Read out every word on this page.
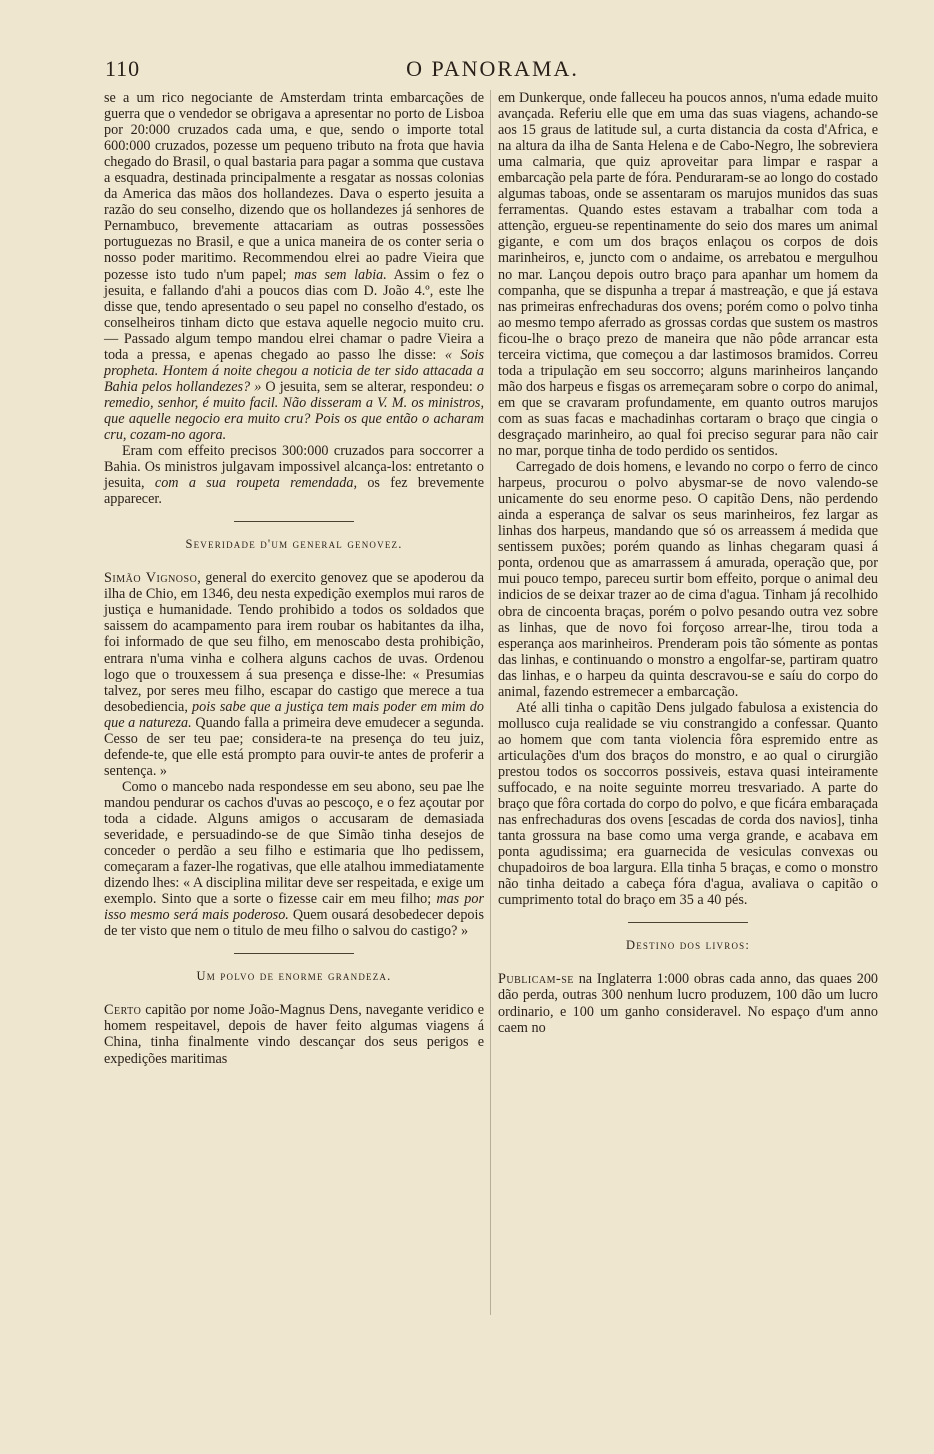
110	O PANORAMA.

se a um rico negociante de Amsterdam trinta embarcações de guerra que o vendedor se obrigava a apresentar no porto de Lisboa por 20:000 cruzados cada uma, e que, sendo o importe total 600:000 cruzados, pozesse um pequeno tributo na frota que havia chegado do Brasil, o qual bastaria para pagar a somma que custava a esquadra, destinada principalmente a resgatar as nossas colonias da America das mãos dos hollandezes. Dava o esperto jesuita a razão do seu conselho, dizendo que os hollandezes já senhores de Pernambuco, brevemente attacariam as outras possessões portuguezas no Brasil, e que a unica maneira de os conter seria o nosso poder maritimo. Recommendou elrei ao padre Vieira que pozesse isto tudo n'um papel; mas sem labia. Assim o fez o jesuita, e fallando d'ahi a poucos dias com D. João 4.º, este lhe disse que, tendo apresentado o seu papel no conselho d'estado, os conselheiros tinham dicto que estava aquelle negocio muito cru. — Passado algum tempo mandou elrei chamar o padre Vieira a toda a pressa, e apenas chegado ao passo lhe disse: « Sois propheta. Hontem á noite chegou a noticia de ter sido attacada a Bahia pelos hollandezes? » O jesuita, sem se alterar, respondeu: o remedio, senhor, é muito facil. Não disseram a V. M. os ministros, que aquelle negocio era muito cru? Pois os que então o acharam cru, cozam-no agora.

Eram com effeito precisos 300:000 cruzados para soccorrer a Bahia. Os ministros julgavam impossivel alcança-los: entretanto o jesuita, com a sua roupeta remendada, os fez brevemente apparecer.

Severidade d'um general genovez.

Simão Vignoso, general do exercito genovez que se apoderou da ilha de Chio, em 1346, deu nesta expedição exemplos mui raros de justiça e humanidade. Tendo prohibido a todos os soldados que saissem do acampamento para irem roubar os habitantes da ilha, foi informado de que seu filho, em menoscabo desta prohibição, entrara n'uma vinha e colhera alguns cachos de uvas. Ordenou logo que o trouxessem á sua presença e disse-lhe: « Presumias talvez, por seres meu filho, escapar do castigo que merece a tua desobediencia, pois sabe que a justiça tem mais poder em mim do que a natureza. Quando falla a primeira deve emudecer a segunda. Cesso de ser teu pae; considera-te na presença do teu juiz, defende-te, que elle está prompto para ouvir-te antes de proferir a sentença. »

Como o mancebo nada respondesse em seu abono, seu pae lhe mandou pendurar os cachos d'uvas ao pescoço, e o fez açoutar por toda a cidade. Alguns amigos o accusaram de demasiada severidade, e persuadindo-se de que Simão tinha desejos de conceder o perdão a seu filho e estimaria que lho pedissem, começaram a fazer-lhe rogativas, que elle atalhou immediatamente dizendo lhes: « A disciplina militar deve ser respeitada, e exige um exemplo. Sinto que a sorte o fizesse cair em meu filho; mas por isso mesmo será mais poderoso. Quem ousará desobedecer depois de ter visto que nem o titulo de meu filho o salvou do castigo? »

Um polvo de enorme grandeza.

Certo capitão por nome João-Magnus Dens, navegante veridico e homem respeitavel, depois de haver feito algumas viagens á China, tinha finalmente vindo descançar dos seus perigos e expedições maritimas

em Dunkerque, onde falleceu ha poucos annos, n'uma edade muito avançada. Referiu elle que em uma das suas viagens, achando-se aos 15 graus de latitude sul, a curta distancia da costa d'Africa, e na altura da ilha de Santa Helena e de Cabo-Negro, lhe sobreviera uma calmaria, que quiz aproveitar para limpar e raspar a embarcação pela parte de fóra. Penduraram-se ao longo do costado algumas taboas, onde se assentaram os marujos munidos das suas ferramentas. Quando estes estavam a trabalhar com toda a attenção, ergueu-se repentinamente do seio dos mares um animal gigante, e com um dos braços enlaçou os corpos de dois marinheiros, e, juncto com o andaime, os arrebatou e mergulhou no mar. Lançou depois outro braço para apanhar um homem da companha, que se dispunha a trepar á mastreação, e que já estava nas primeiras enfrechaduras dos ovens; porém como o polvo tinha ao mesmo tempo aferrado as grossas cordas que sustem os mastros ficou-lhe o braço prezo de maneira que não pôde arrancar esta terceira victima, que começou a dar lastimosos bramidos. Correu toda a tripulação em seu soccorro; alguns marinheiros lançando mão dos harpeus e fisgas os arremeçaram sobre o corpo do animal, em que se cravaram profundamente, em quanto outros marujos com as suas facas e machadinhas cortaram o braço que cingia o desgraçado marinheiro, ao qual foi preciso segurar para não cair no mar, porque tinha de todo perdido os sentidos.

Carregado de dois homens, e levando no corpo o ferro de cinco harpeus, procurou o polvo abysmar-se de novo valendo-se unicamente do seu enorme peso. O capitão Dens, não perdendo ainda a esperança de salvar os seus marinheiros, fez largar as linhas dos harpeus, mandando que só os arreassem á medida que sentissem puxões; porém quando as linhas chegaram quasi á ponta, ordenou que as amarrassem á amurada, operação que, por mui pouco tempo, pareceu surtir bom effeito, porque o animal deu indicios de se deixar trazer ao de cima d'agua. Tinham já recolhido obra de cincoenta braças, porém o polvo pesando outra vez sobre as linhas, que de novo foi forçoso arrear-lhe, tirou toda a esperança aos marinheiros. Prenderam pois tão sómente as pontas das linhas, e continuando o monstro a engolfar-se, partiram quatro das linhas, e o harpeu da quinta descravou-se e saíu do corpo do animal, fazendo estremecer a embarcação.

Até alli tinha o capitão Dens julgado fabulosa a existencia do mollusco cuja realidade se viu constrangido a confessar. Quanto ao homem que com tanta violencia fôra espremido entre as articulações d'um dos braços do monstro, e ao qual o cirurgião prestou todos os soccorros possiveis, estava quasi inteiramente suffocado, e na noite seguinte morreu tresvariado. A parte do braço que fôra cortada do corpo do polvo, e que ficára embaraçada nas enfrechaduras dos ovens [escadas de corda dos navios], tinha tanta grossura na base como uma verga grande, e acabava em ponta agudissima; era guarnecida de vesiculas convexas ou chupadoiros de boa largura. Ella tinha 5 braças, e como o monstro não tinha deitado a cabeça fóra d'agua, avaliava o capitão o cumprimento total do braço em 35 a 40 pés.

Destino dos livros:

Publicam-se na Inglaterra 1:000 obras cada anno, das quaes 200 dão perda, outras 300 nenhum lucro produzem, 100 dão um lucro ordinario, e 100 um ganho consideravel. No espaço d'um anno caem no
